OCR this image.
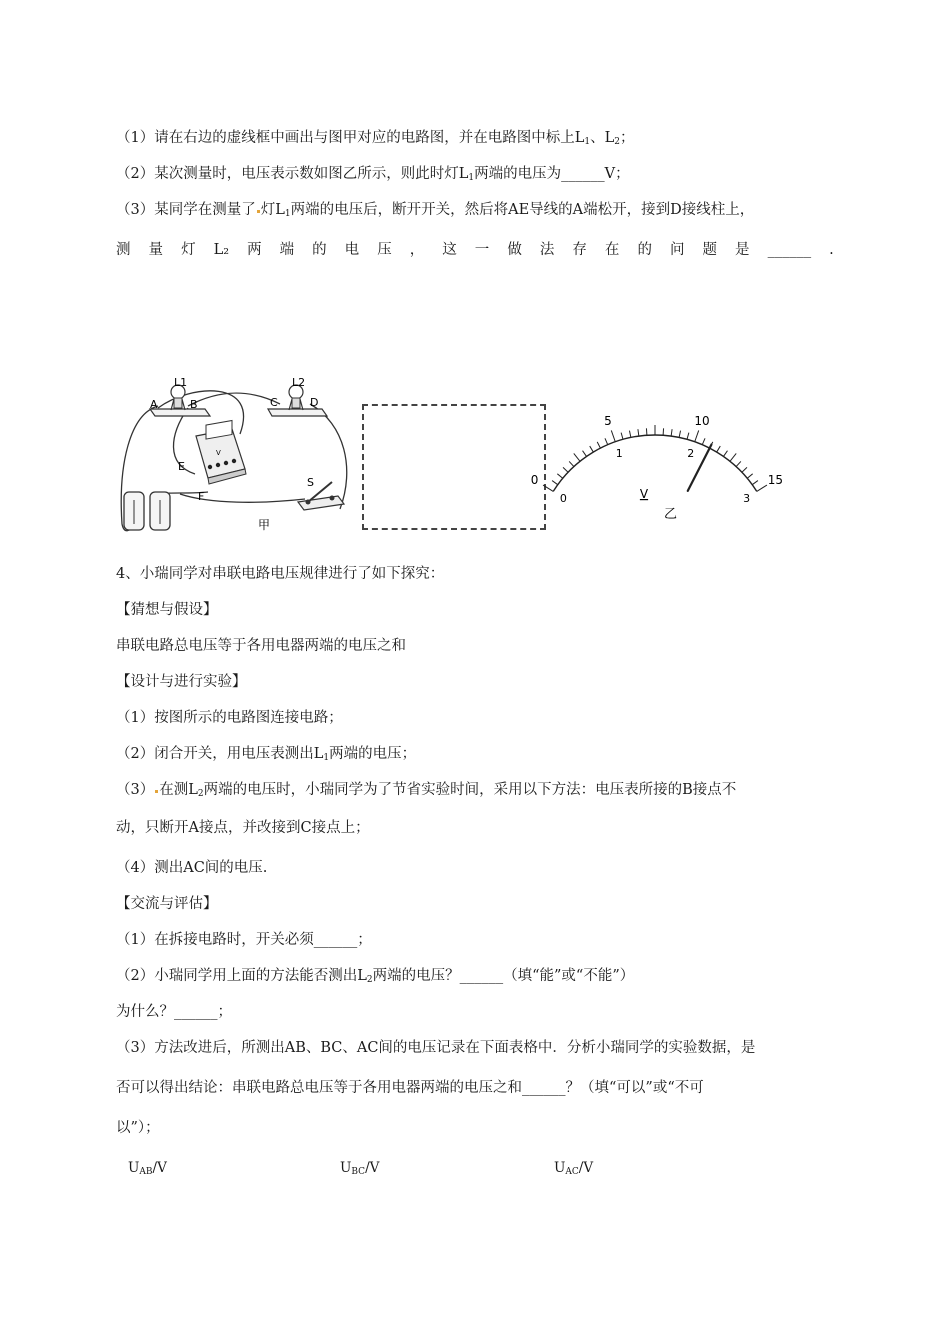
（1）请在右边的虚线框中画出与图甲对应的电路图，并在电路图中标上$L_1$、$L_2$；
（2）某次测量时，电压表示数如图乙所示，则此时灯$L_1$两端的电压为______V；
（3）某同学在测量了 灯$L_1$两端的电压后，断开开关，然后将AE导线的A端松开，接到D接线柱上，
测 量 灯 L₂ 两 端 的 电 压 ， 这 一 做 法 存 在 的 问 题 是 ______ .
L1	L2
A	B	C	D
E
F
S
V
甲
0
5	10
15
0
1	2
3
V
乙
4、小瑞同学对串联电路电压规律进行了如下探究：
【猜想与假设】
串联电路总电压等于各用电器两端的电压之和
【设计与进行实验】
（1）按图所示的电路图连接电路；
（2）闭合开关，用电压表测出$L_1$两端的电压；
（3） 在测$L_2$两端的电压时，小瑞同学为了节省实验时间，采用以下方法：电压表所接的B接点不
动，只断开A接点，并改接到C接点上；
（4）测出AC间的电压.
【交流与评估】
（1）在拆接电路时，开关必须______；
（2）小瑞同学用上面的方法能否测出$L_2$两端的电压？______（填“能”或“不能”）
为什么？______；
（3）方法改进后，所测出AB、BC、AC间的电压记录在下面表格中．分析小瑞同学的实验数据，是
否可以得出结论：串联电路总电压等于各用电器两端的电压之和______？（填“可以”或“不可
以”）；
$U_{AB}/V$	$U_{BC}/V$	$U_{AC}/V$
